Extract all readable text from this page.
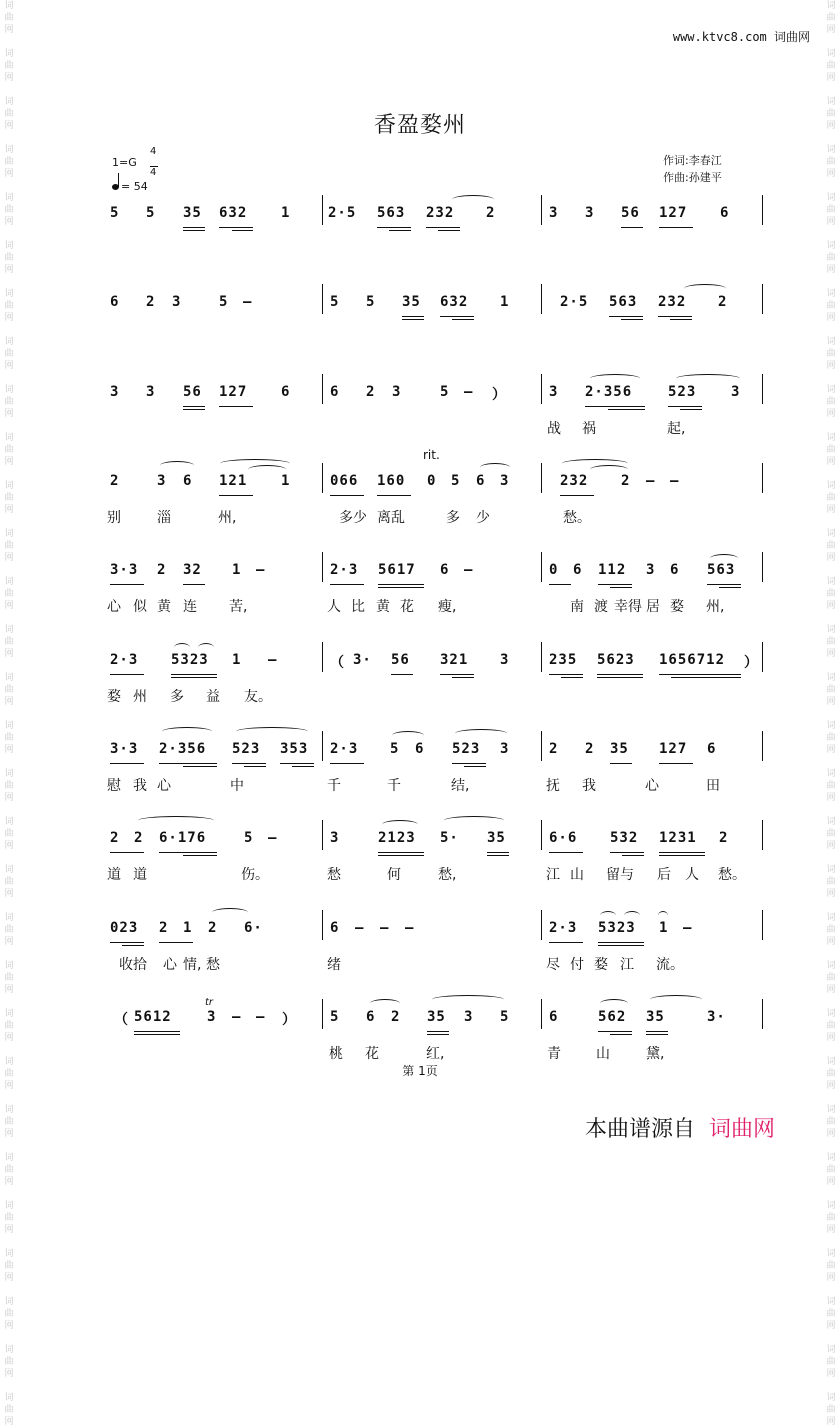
词
曲
网

词
曲
网

词
曲
网

词
曲
网

词
曲
网

词
曲
网

词
曲
网

词
曲
网

词
曲
网

词
曲
网

词
曲
网

词
曲
网

词
曲
网

词
曲
网

词
曲
网

词
曲
网

词
曲
网

词
曲
网

词
曲
网

词
曲
网

词
曲
网

词
曲
网

词
曲
网

词
曲
网

词
曲
网

词
曲
网

词
曲
网

词
曲
网

词
曲
网

词
曲
网
词
曲
网

词
曲
网

词
曲
网

词
曲
网

词
曲
网

词
曲
网

词
曲
网

词
曲
网

词
曲
网

词
曲
网

词
曲
网

词
曲
网

词
曲
网

词
曲
网

词
曲
网

词
曲
网

词
曲
网

词
曲
网

词
曲
网

词
曲
网

词
曲
网

词
曲
网

词
曲
网

词
曲
网

词
曲
网

词
曲
网

词
曲
网

词
曲
网

词
曲
网

词
曲
网
www.ktvc8.com 词曲网
香盈婺州
1=G
4
4
= 54
作词:李春江
作曲:孙建平
rit.
5 5 35 632 1	2·5 563 232 2	3 3 56 127 6
6 2 3	5 –	5 5 35 632 1	2·5 563 232 2
3 3 56 127 6	6 2 3	5 – ）	3 2·356	523 3
战 祸	起,
2	3 6 121 1	066 160 0 5 6 3	232 2 – –
别	淄	州,	多少 离乱	多 少	愁。
3·3 2 32 1 –	2·3 5617 6 –	0 6 112 3 6 563
心 似 黄 连 苦,	人 比 黄 花 瘦,	南 渡 幸得 居 婺 州,
2·3 5323 1 –	（ 3· 56 321 3	235 5623 1656712 ）
婺 州 多 益 友。
3·3 2·356 523 353 2·3 5 6 523 3	2 2 35 127 6
慰 我 心	中	千	千	结,	抚 我	心	田
2 2 6·176	5 –	3	2123 5· 35	6·6 532 1231 2
道 道	伤。	愁	何	愁,	江 山 留与 后 人 愁。
023 2 1 2 6·	6 – – –	2·3 5323 1 –
收拾 心 情, 愁	绪	尽 付 婺 江 流。
（ 5612	3 – – ） 5 6 2 35 3 5	6	562 35	3·
tr
桃 花	红,	青	山	黛,
第 1页
本曲谱源自 词曲网
